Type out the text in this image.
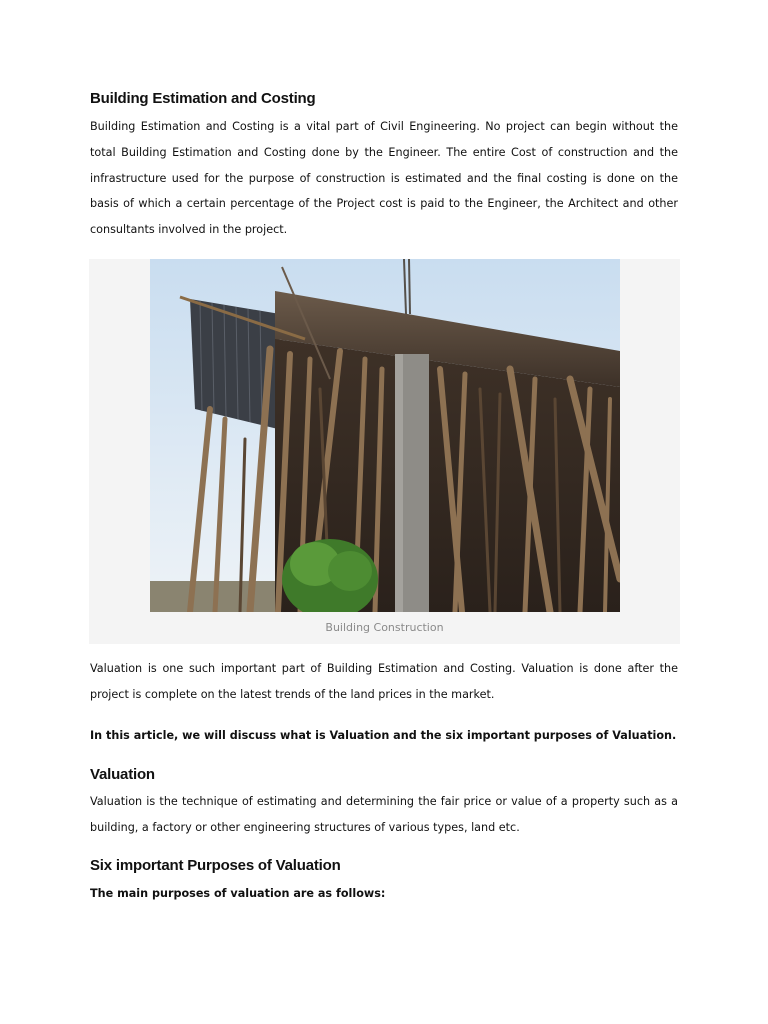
Building Estimation and Costing

Building Estimation and Costing is a vital part of Civil Engineering. No project can begin without the total Building Estimation and Costing done by the Engineer. The entire Cost of construction and the infrastructure used for the purpose of construction is estimated and the final costing is done on the basis of which a certain percentage of the Project cost is paid to the Engineer, the Architect and other consultants involved in the project.

Building Construction

Valuation is one such important part of Building Estimation and Costing. Valuation is done after the project is complete on the latest trends of the land prices in the market.

In this article, we will discuss what is Valuation and the six important purposes of Valuation.

Valuation

Valuation is the technique of estimating and determining the fair price or value of a property such as a building, a factory or other engineering structures of various types, land etc.

Six important Purposes of Valuation

The main purposes of valuation are as follows:
